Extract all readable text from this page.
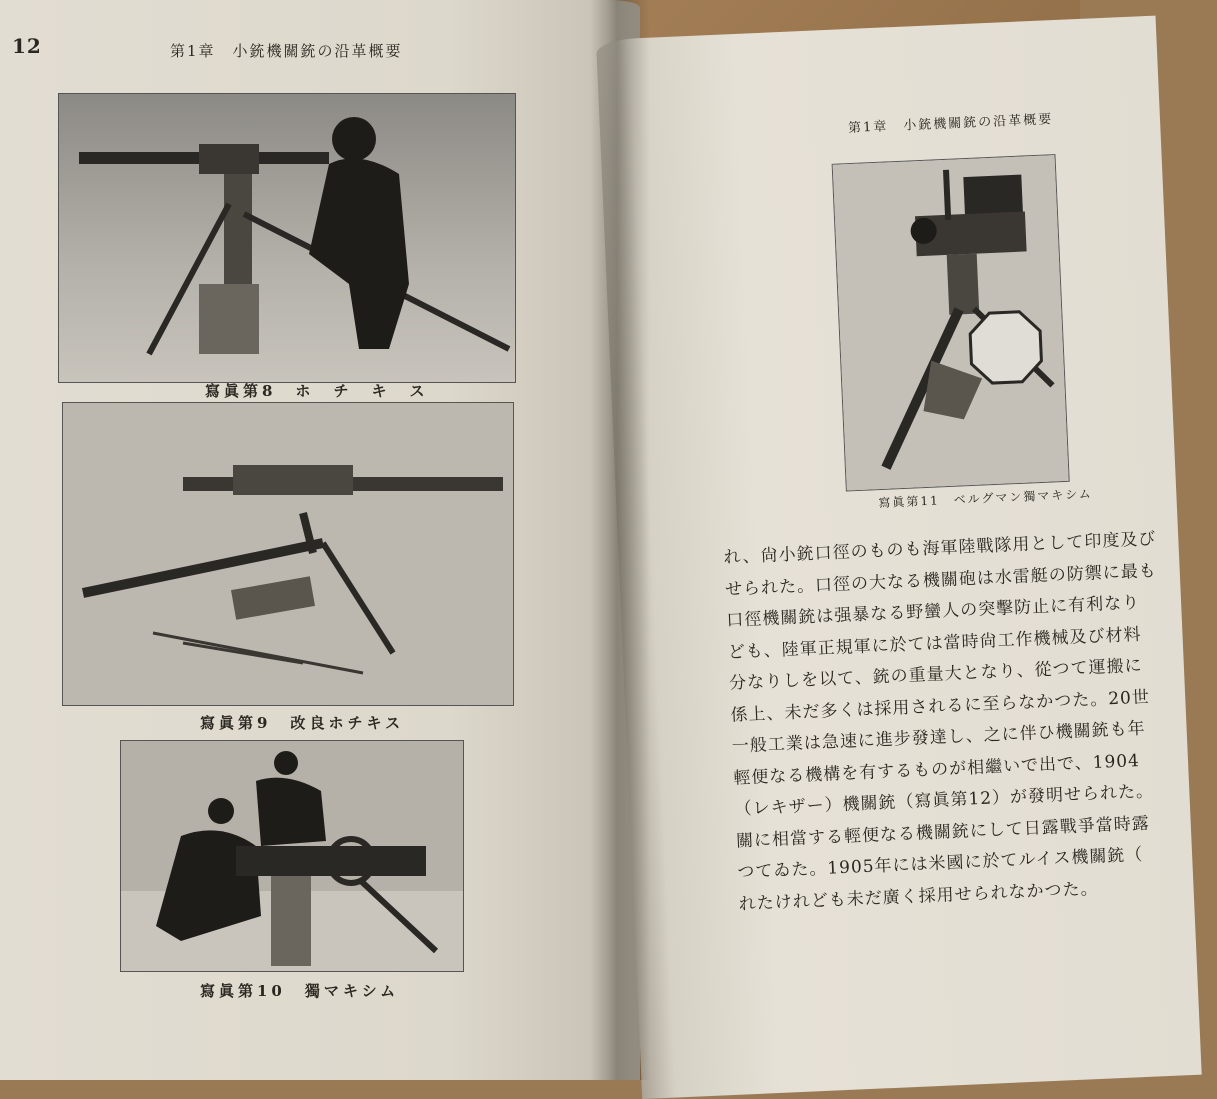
12	第1章　小銃機關銃の沿革概要
寫眞第8　ホ　チ　キ　ス
寫眞第9　改良ホチキス
寫眞第10　獨マキシム
第1章　小銃機關銃の沿革概要
寫眞第11　ベルグマン獨マキシム
れ、尙小銃口徑のものも海軍陸戰隊用として印度及び
せられた。口徑の大なる機關砲は水雷艇の防禦に最も
口徑機關銃は强暴なる野蠻人の突擊防止に有利なり
ども、陸軍正規軍に於ては當時尙工作機械及び材料
分なりしを以て、銃の重量大となり、從つて運搬に
係上、未だ多くは採用されるに至らなかつた。20世
一般工業は急速に進步發達し、之に伴ひ機關銃も年
輕便なる機構を有するものが相繼いで出で、1904
（レキザー）機關銃（寫眞第12）が發明せられた。
關に相當する輕便なる機關銃にして日露戰爭當時露
つてゐた。1905年には米國に於てルイス機關銃（
れたけれども未だ廣く採用せられなかつた。
